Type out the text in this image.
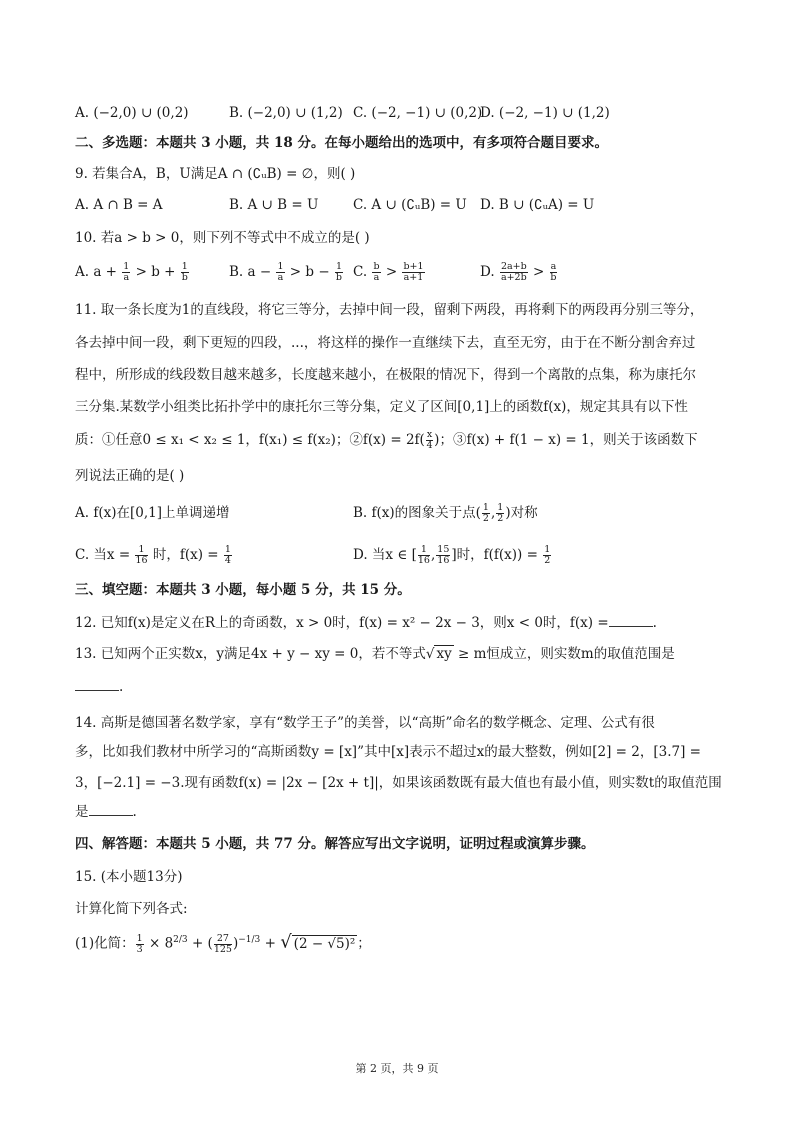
A. (−2,0) ∪ (0,2)	B. (−2,0) ∪ (1,2) C. (−2, −1) ∪ (0,2)
D. (−2, −1) ∪ (1,2)
二、多选题：本题共 3 小题，共 18 分。在每小题给出的选项中，有多项符合题目要求。
9. 若集合A，B，U满足A ∩ (∁ᵤB) = ∅，则( )
A. A ∩ B = A	B. A ∪ B = U	C. A ∪ (∁ᵤB) = U D. B ∪ (∁ᵤA) = U
10. 若a > b > 0，则下列不等式中不成立的是( )
A. $a + \frac{1}{a} > b + \frac{1}{b}$	B. $a - \frac{1}{a} > b - \frac{1}{b} C$. $\frac{b}{a} > \frac{b+1}{a+1}$	D. $\frac{2a+b}{a+2b} > \frac{a}{b}$
11. 取一条长度为1的直线段，将它三等分，去掉中间一段，留剩下两段，再将剩下的两段再分别三等分，
各去掉中间一段，剩下更短的四段，...，将这样的操作一直继续下去，直至无穷，由于在不断分割舍弃过
程中，所形成的线段数目越来越多，长度越来越小，在极限的情况下，得到一个离散的点集，称为康托尔
三分集.某数学小组类比拓扑学中的康托尔三等分集，定义了区间[0,1]上的函数f(x)，规定其具有以下性
质：①任意0 ≤ x₁ < x₂ ≤ 1，f(x₁) ≤ f(x₂)；②f(x) = $2f( \frac{x}{4}$ )；③f(x) + f(1 − x) = 1，则关于该函数下
列说法正确的是( )
A. f(x)在[0,1]上单调递增	B. f(x)的图象关于点( $\frac{1}{2}$ , $\frac{1}{2}$ )对称
C. 当$x = \frac{1}{16}$ 时，$f(x) = \frac{1}{4}$	D. 当x ∈ [ $\frac{1}{16}$ , $\frac{15}{16}$ ]时，$f(f(x)) = \frac{1}{2}$
三、填空题：本题共 3 小题，每小题 5 分，共 15 分。
12. 已知f(x)是定义在R上的奇函数，x > 0时，f(x) = x² − 2x − 3，则x < 0时，f(x) =	.
13. 已知两个正实数x，y满足4x + y − xy = 0，若不等式√ xy ≥ m恒成立，则实数m的取值范围是
.
14. 高斯是德国著名数学家，享有“数学王子”的美誉，以“高斯”命名的数学概念、定理、公式有很
多，比如我们教材中所学习的“高斯函数y = [x]”其中[x]表示不超过x的最大整数，例如[2] = 2，[3.7] =
3，[−2.1] = −3.现有函数f(x) = |2x − [2x + t]|，如果该函数既有最大值也有最小值，则实数t的取值范围
是	.
四、解答题：本题共 5 小题，共 77 分。解答应写出文字说明，证明过程或演算步骤。
15. (本小题13分)
计算化简下列各式:
(1)化简： $\frac{1}{3} \times 8^{2/3}$ + ( $\frac{27}{125} )^{-1/3}$ + √ (2 − √5)² ；
第 2 页，共 9 页
